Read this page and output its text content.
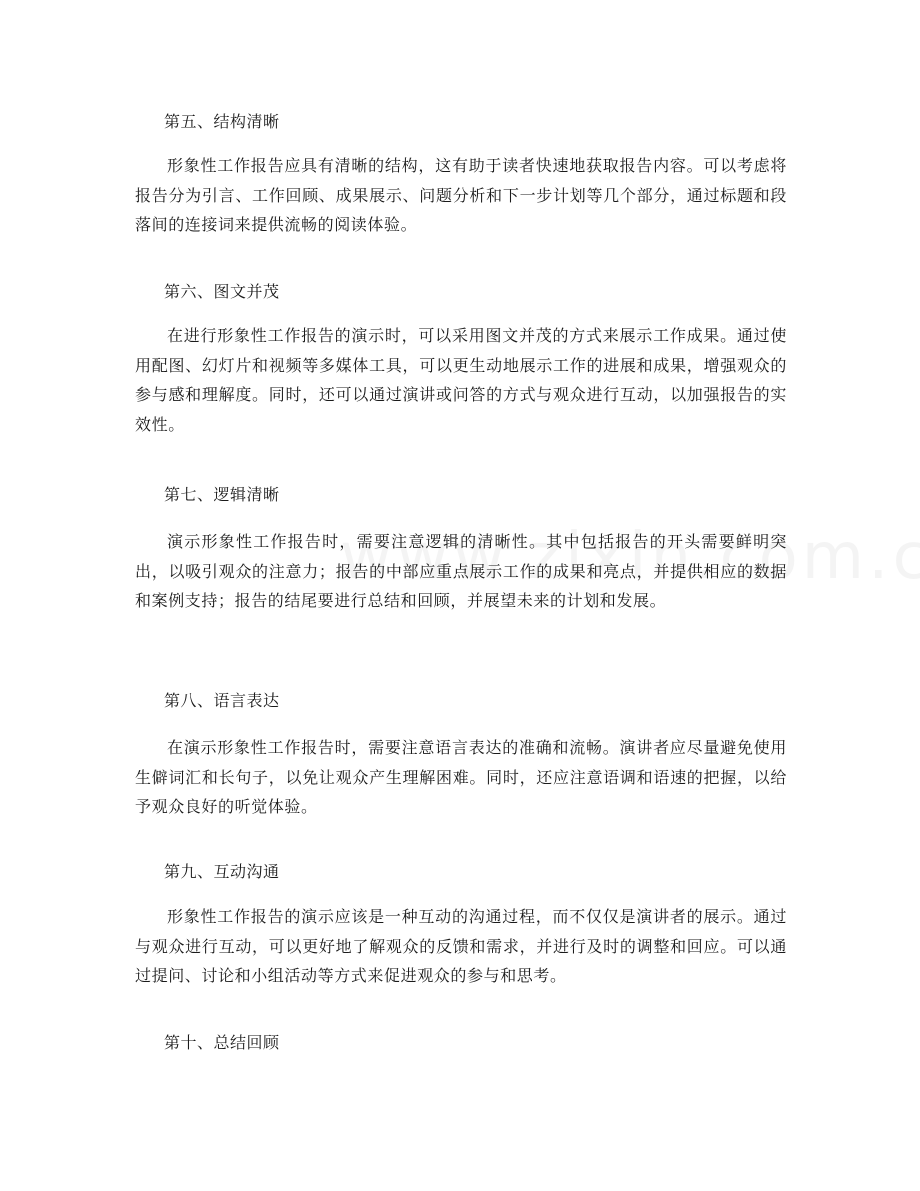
第五、结构清晰
形象性工作报告应具有清晰的结构，这有助于读者快速地获取报告内容。可以考虑将报告分为引言、工作回顾、成果展示、问题分析和下一步计划等几个部分，通过标题和段落间的连接词来提供流畅的阅读体验。
第六、图文并茂
在进行形象性工作报告的演示时，可以采用图文并茂的方式来展示工作成果。通过使用配图、幻灯片和视频等多媒体工具，可以更生动地展示工作的进展和成果，增强观众的参与感和理解度。同时，还可以通过演讲或问答的方式与观众进行互动，以加强报告的实效性。
第七、逻辑清晰
演示形象性工作报告时，需要注意逻辑的清晰性。其中包括报告的开头需要鲜明突出，以吸引观众的注意力；报告的中部应重点展示工作的成果和亮点，并提供相应的数据和案例支持；报告的结尾要进行总结和回顾，并展望未来的计划和发展。
第八、语言表达
在演示形象性工作报告时，需要注意语言表达的准确和流畅。演讲者应尽量避免使用生僻词汇和长句子，以免让观众产生理解困难。同时，还应注意语调和语速的把握，以给予观众良好的听觉体验。
第九、互动沟通
形象性工作报告的演示应该是一种互动的沟通过程，而不仅仅是演讲者的展示。通过与观众进行互动，可以更好地了解观众的反馈和需求，并进行及时的调整和回应。可以通过提问、讨论和小组活动等方式来促进观众的参与和思考。
第十、总结回顾
